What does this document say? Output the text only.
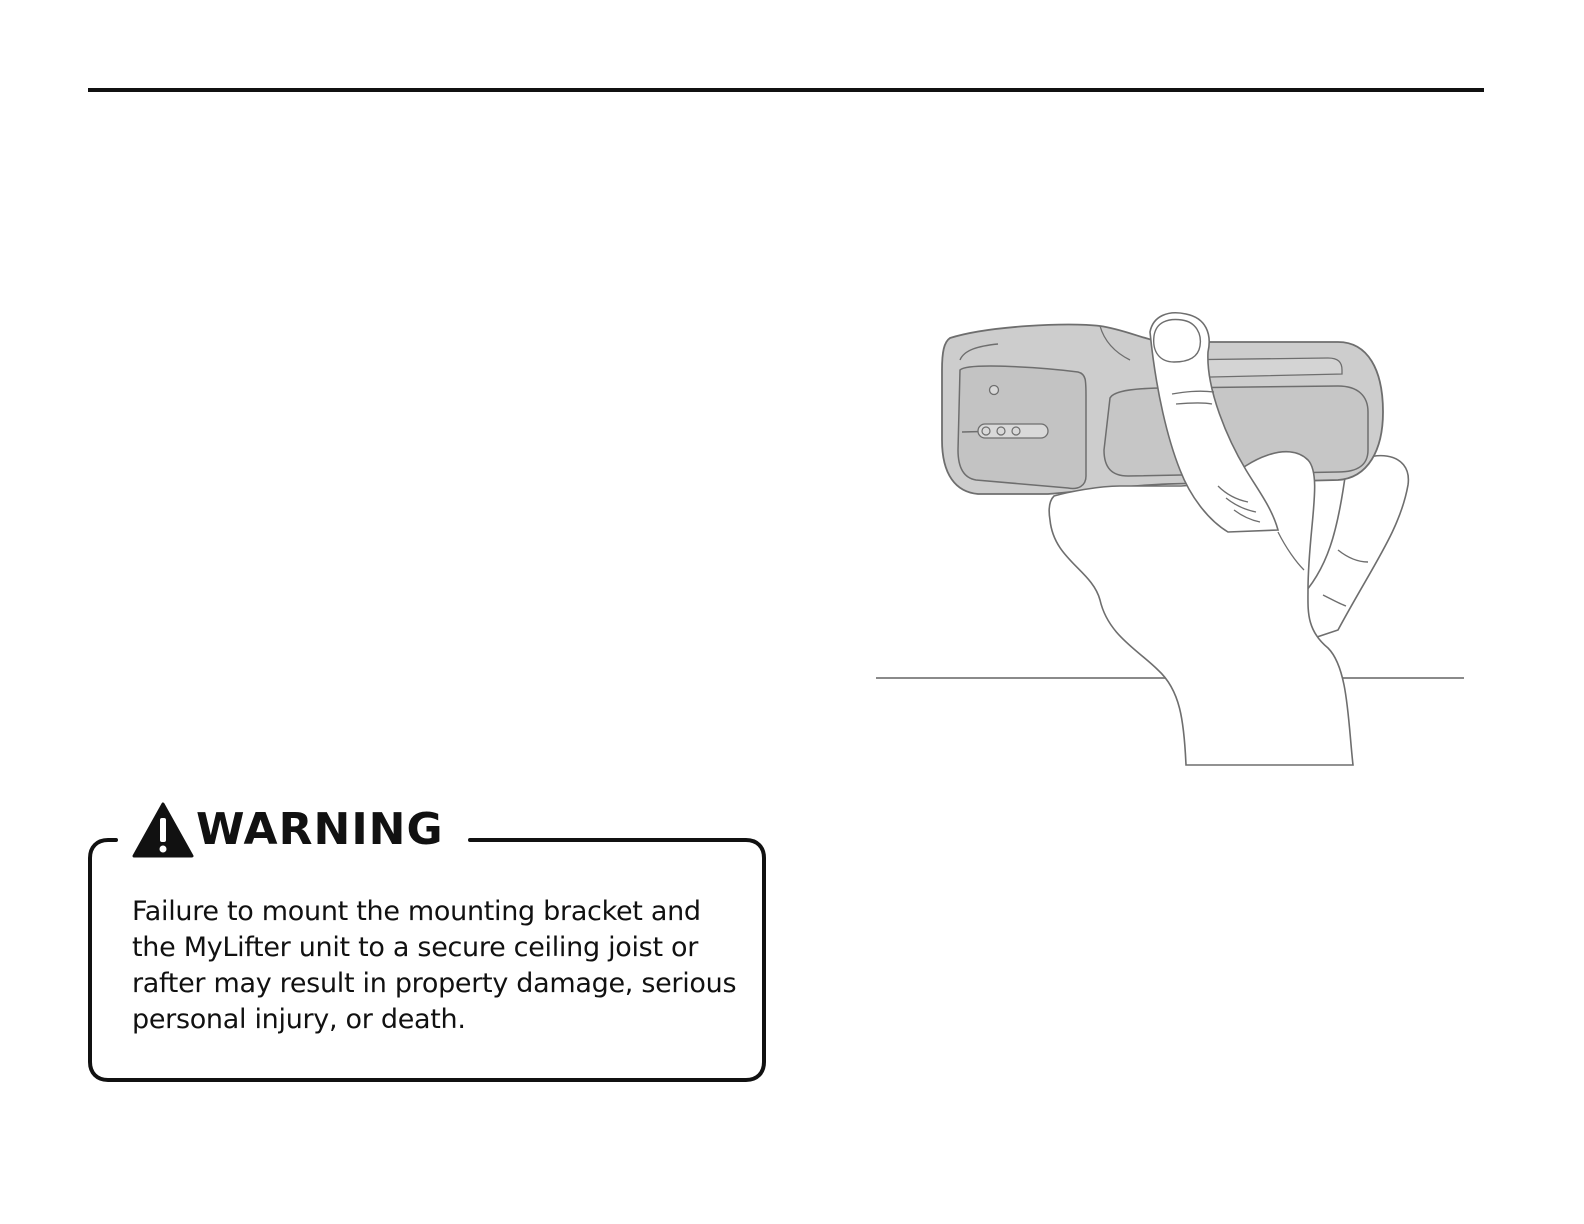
WARNING

Failure to mount the mounting bracket and the MyLifter unit to a secure ceiling joist or rafter may result in property damage, serious personal injury, or death.
